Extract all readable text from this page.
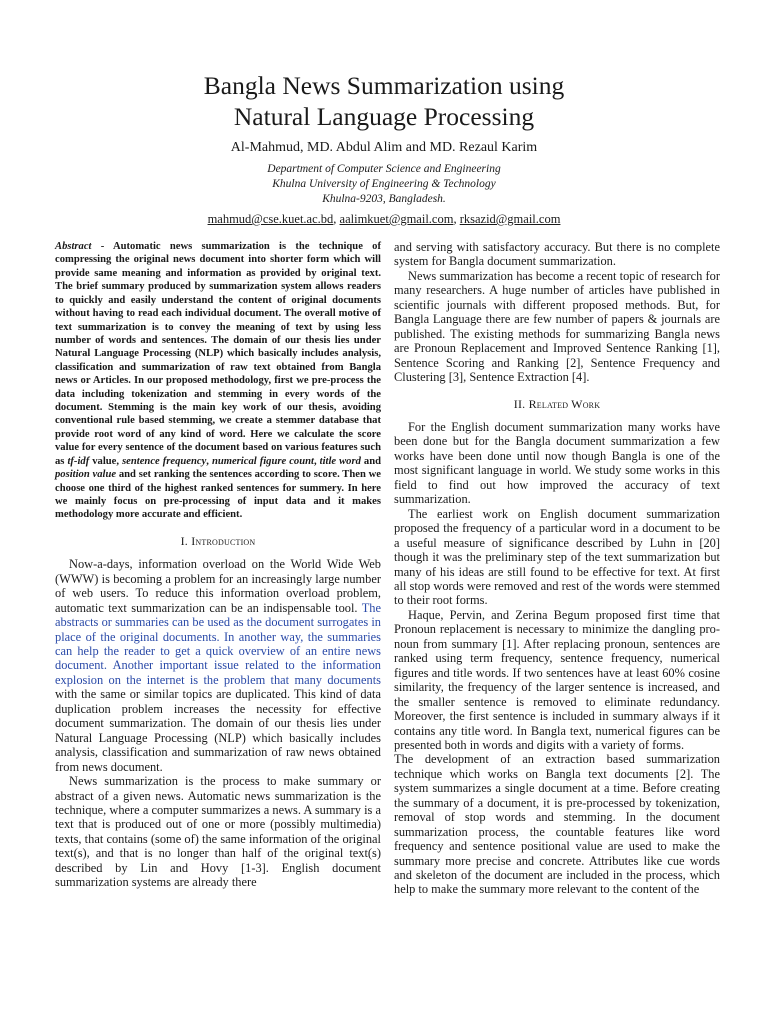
Bangla News Summarization using
Natural Language Processing
Al-Mahmud, MD. Abdul Alim and MD. Rezaul Karim
Department of Computer Science and Engineering
Khulna University of Engineering & Technology
Khulna-9203, Bangladesh.
mahmud@cse.kuet.ac.bd, aalimkuet@gmail.com, rksazid@gmail.com
Abstract - Automatic news summarization is the technique of compressing the original news document into shorter form which will provide same meaning and information as provided by original text. The brief summary produced by summarization system allows readers to quickly and easily understand the content of original documents without having to read each individual document. The overall motive of text summarization is to convey the meaning of text by using less number of words and sentences. The domain of our thesis lies under Natural Language Processing (NLP) which basically includes analysis, classification and summarization of raw text obtained from Bangla news or Articles. In our proposed methodology, first we pre-process the data including tokenization and stemming in every words of the document. Stemming is the main key work of our thesis, avoiding conventional rule based stemming, we create a stemmer database that provide root word of any kind of word. Here we calculate the score value for every sentence of the document based on various features such as tf-idf value, sentence frequency, numerical figure count, title word and position value and set ranking the sentences according to score. Then we choose one third of the highest ranked sentences for summery. In here we mainly focus on pre-processing of input data and it makes methodology more accurate and efficient.
I. Introduction

Now-a-days, information overload on the World Wide Web (WWW) is becoming a problem for an increasingly large number of web users. To reduce this information overload problem, automatic text summarization can be an indispensable tool. The abstracts or summaries can be used as the document surrogates in place of the original documents. In another way, the summaries can help the reader to get a quick overview of an entire news document. Another important issue related to the information explosion on the internet is the problem that many documents with the same or similar topics are duplicated. This kind of data duplication problem increases the necessity for effective document summarization. The domain of our thesis lies under Natural Language Processing (NLP) which basically includes analysis, classification and summarization of raw news obtained from news document.

News summarization is the process to make summary or abstract of a given news. Automatic news summarization is the technique, where a computer summarizes a news. A summary is a text that is produced out of one or more (possibly multimedia) texts, that contains (some of) the same information of the original text(s), and that is no longer than half of the original text(s) described by Lin and Hovy [1-3]. English document summarization systems are already there

and serving with satisfactory accuracy. But there is no complete system for Bangla document summarization.

News summarization has become a recent topic of research for many researchers. A huge number of articles have published in scientific journals with different proposed methods. But, for Bangla Language there are few number of papers & journals are published. The existing methods for summarizing Bangla news are Pronoun Replacement and Improved Sentence Ranking [1], Sentence Scoring and Ranking [2], Sentence Frequency and Clustering [3], Sentence Extraction [4].

II. Related Work

For the English document summarization many works have been done but for the Bangla document summarization a few works have been done until now though Bangla is one of the most significant language in world. We study some works in this field to find out how improved the accuracy of text summarization.

The earliest work on English document summarization proposed the frequency of a particular word in a document to be a useful measure of significance described by Luhn in [20] though it was the preliminary step of the text summarization but many of his ideas are still found to be effective for text. At first all stop words were removed and rest of the words were stemmed to their root forms.

Haque, Pervin, and Zerina Begum proposed first time that Pronoun replacement is necessary to minimize the dangling pro-noun from summary [1]. After replacing pronoun, sentences are ranked using term frequency, sentence frequency, numerical figures and title words. If two sentences have at least 60% cosine similarity, the frequency of the larger sentence is increased, and the smaller sentence is removed to eliminate redundancy. Moreover, the first sentence is included in summary always if it contains any title word. In Bangla text, numerical figures can be presented both in words and digits with a variety of forms.

The development of an extraction based summarization technique which works on Bangla text documents [2]. The system summarizes a single document at a time. Before creating the summary of a document, it is pre-processed by tokenization, removal of stop words and stemming. In the document summarization process, the countable features like word frequency and sentence positional value are used to make the summary more precise and concrete. Attributes like cue words and skeleton of the document are included in the process, which help to make the summary more relevant to the content of the
